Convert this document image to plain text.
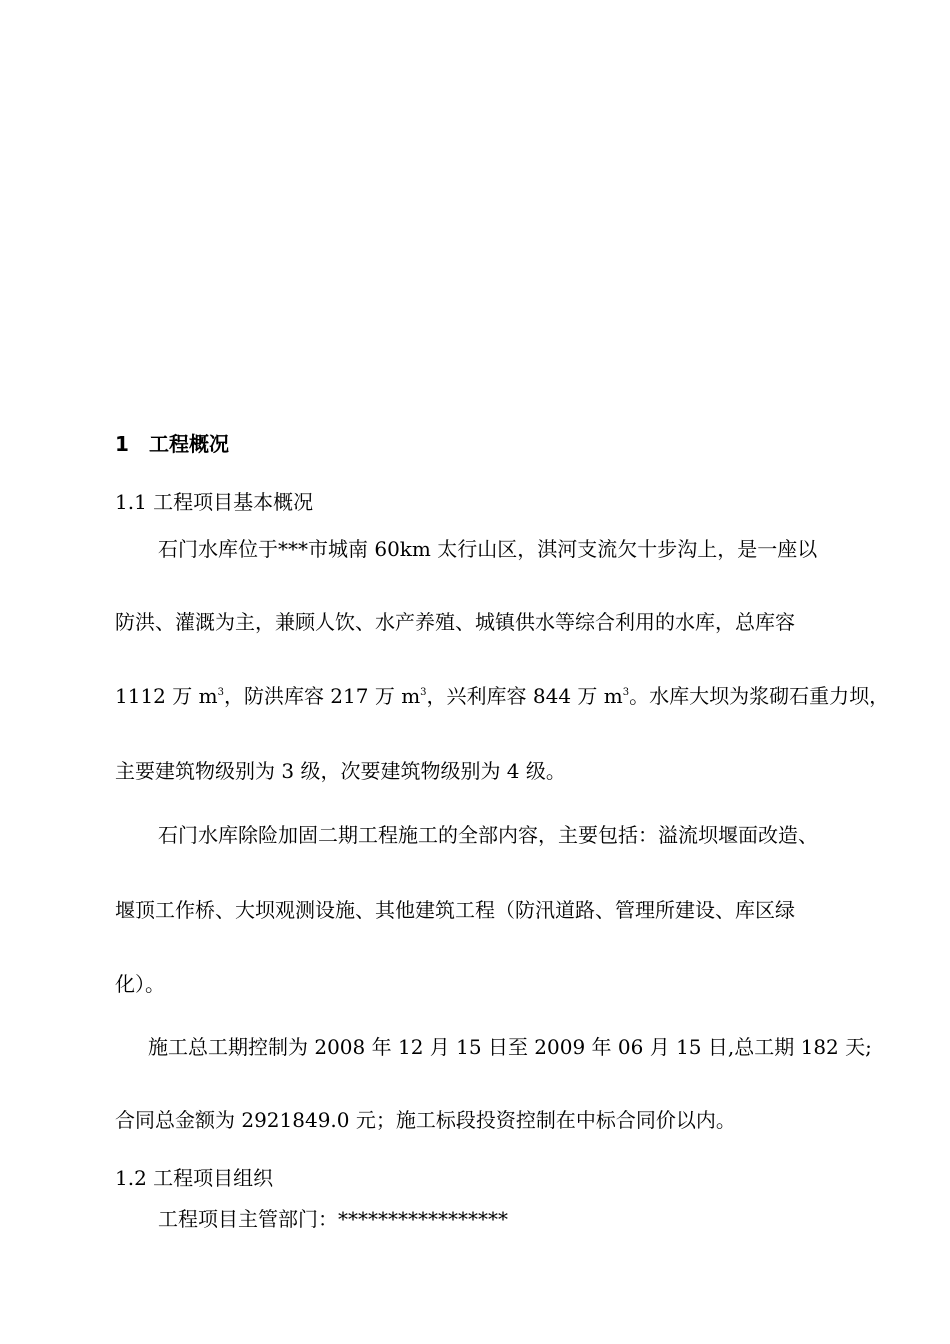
1 工程概况
1.1 工程项目基本概况
石门水库位于***市城南 60km 太行山区，淇河支流欠十步沟上，是一座以
防洪、灌溉为主，兼顾人饮、水产养殖、城镇供水等综合利用的水库，总库容
1112 万 $m^3$，防洪库容 217 万 $m^3$，兴利库容 844 万 $m^3$。水库大坝为浆砌石重力坝，
主要建筑物级别为 3 级，次要建筑物级别为 4 级。
石门水库除险加固二期工程施工的全部内容，主要包括：溢流坝堰面改造、
堰顶工作桥、大坝观测设施、其他建筑工程（防汛道路、管理所建设、库区绿
化）。
施工总工期控制为 2008 年 12 月 15 日至 2009 年 06 月 15 日,总工期 182 天;
合同总金额为 2921849.0 元；施工标段投资控制在中标合同价以内。
1.2 工程项目组织
工程项目主管部门：*****************
